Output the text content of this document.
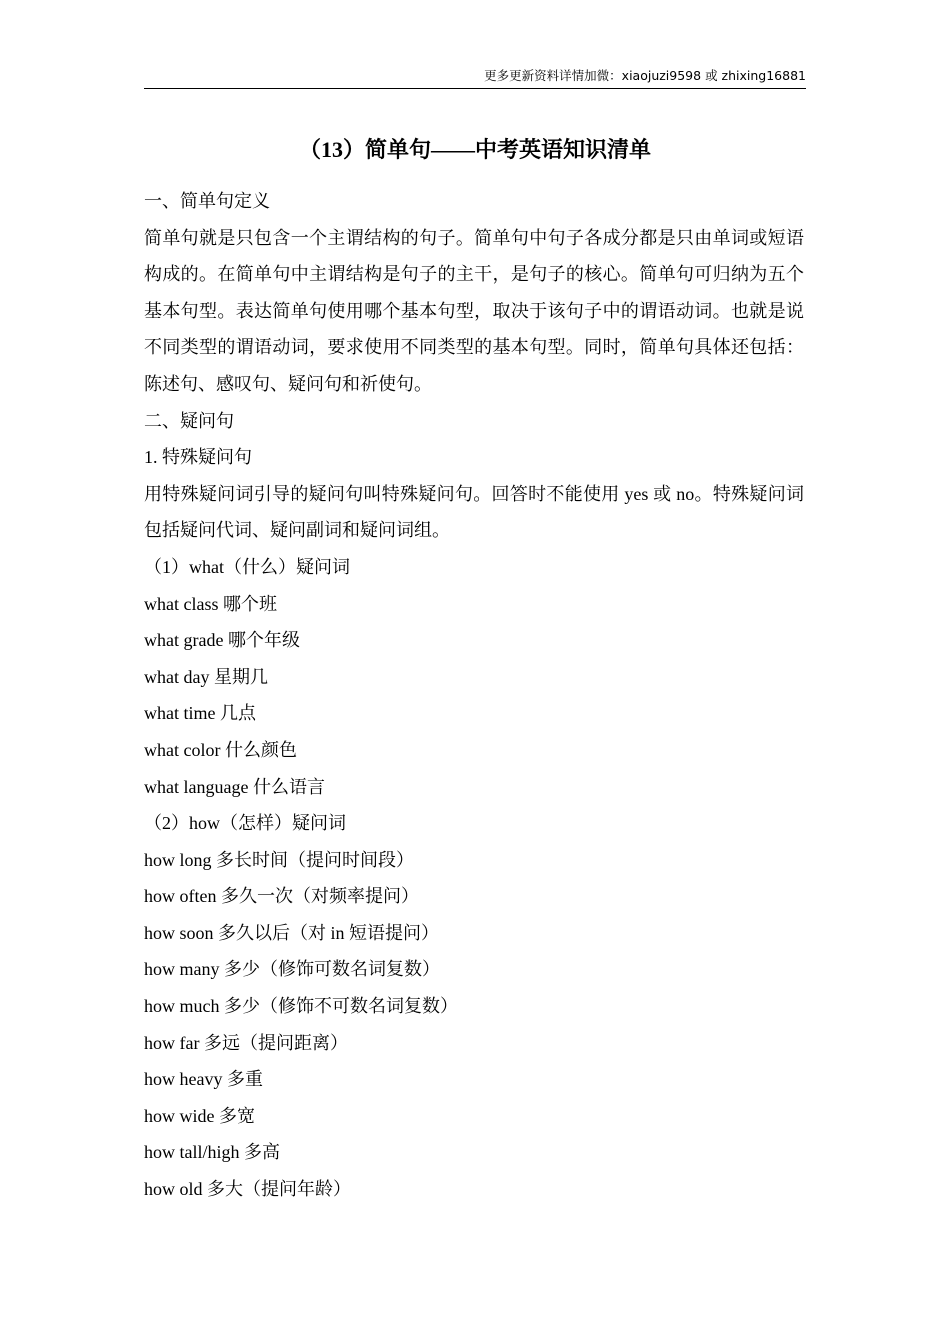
更多更新资料详情加微：xiaojuzi9598 或 zhixing16881
（13）简单句——中考英语知识清单
一、简单句定义
简单句就是只包含一个主谓结构的句子。简单句中句子各成分都是只由单词或短语构成的。在简单句中主谓结构是句子的主干，是句子的核心。简单句可归纳为五个基本句型。表达简单句使用哪个基本句型，取决于该句子中的谓语动词。也就是说不同类型的谓语动词，要求使用不同类型的基本句型。同时，简单句具体还包括：陈述句、感叹句、疑问句和祈使句。
二、疑问句
1. 特殊疑问句
用特殊疑问词引导的疑问句叫特殊疑问句。回答时不能使用 yes 或 no。特殊疑问词包括疑问代词、疑问副词和疑问词组。
（1）what（什么）疑问词
what class 哪个班
what grade 哪个年级
what day 星期几
what time 几点
what color 什么颜色
what language 什么语言
（2）how（怎样）疑问词
how long 多长时间（提问时间段）
how often 多久一次（对频率提问）
how soon 多久以后（对 in 短语提问）
how many 多少（修饰可数名词复数）
how much 多少（修饰不可数名词复数）
how far 多远（提问距离）
how heavy 多重
how wide 多宽
how tall/high 多高
how old 多大（提问年龄）
